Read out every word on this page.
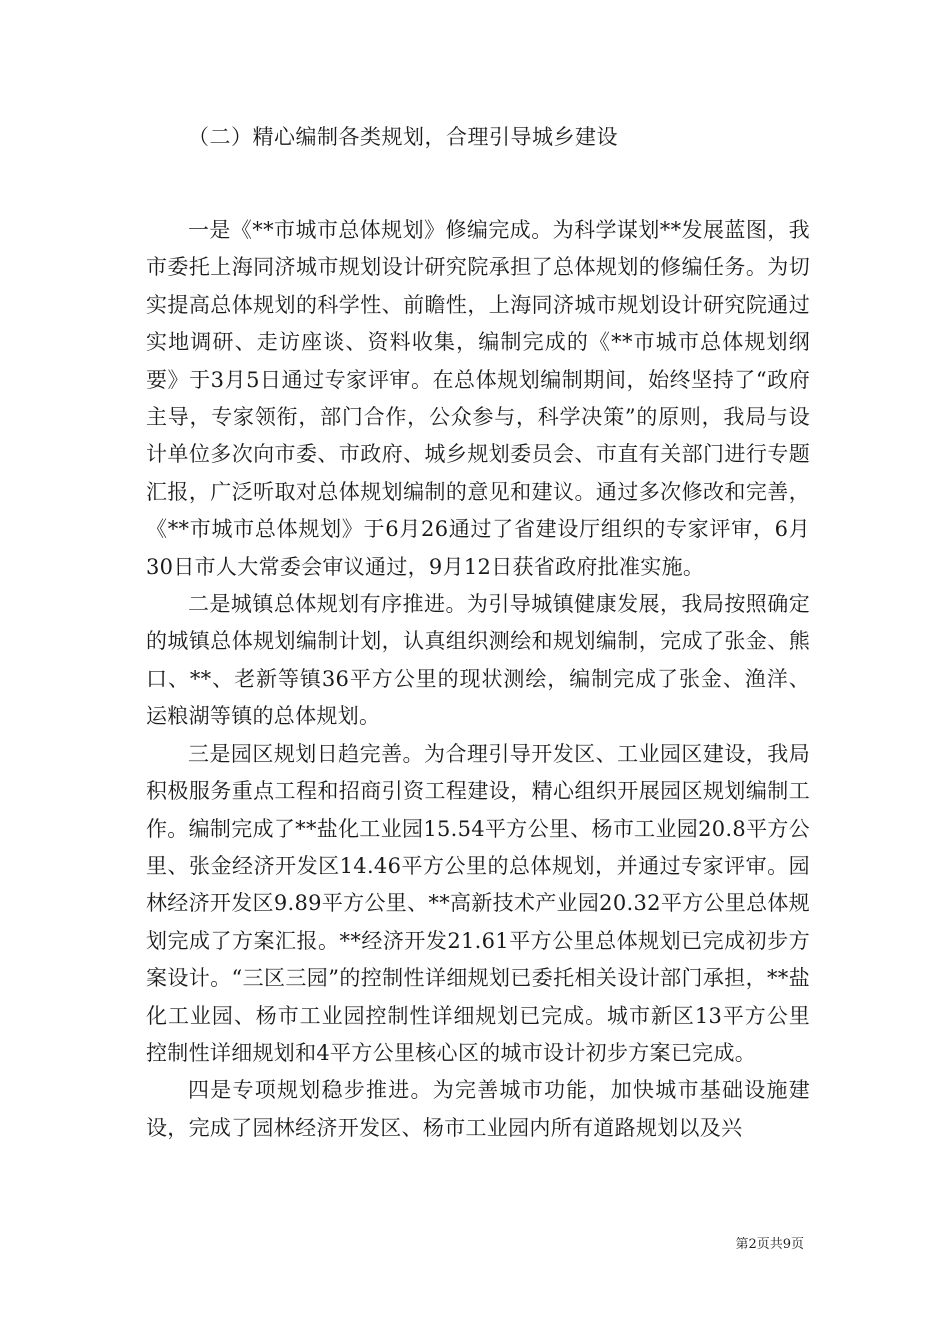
（二）精心编制各类规划，合理引导城乡建设

一是《**市城市总体规划》修编完成。为科学谋划**发展蓝图，我市委托上海同济城市规划设计研究院承担了总体规划的修编任务。为切实提高总体规划的科学性、前瞻性，上海同济城市规划设计研究院通过实地调研、走访座谈、资料收集，编制完成的《**市城市总体规划纲要》于3月5日通过专家评审。在总体规划编制期间，始终坚持了“政府主导，专家领衔，部门合作，公众参与，科学决策”的原则，我局与设计单位多次向市委、市政府、城乡规划委员会、市直有关部门进行专题汇报，广泛听取对总体规划编制的意见和建议。通过多次修改和完善，《**市城市总体规划》于6月26通过了省建设厅组织的专家评审，6月30日市人大常委会审议通过，9月12日获省政府批准实施。

二是城镇总体规划有序推进。为引导城镇健康发展，我局按照确定的城镇总体规划编制计划，认真组织测绘和规划编制，完成了张金、熊口、**、老新等镇36平方公里的现状测绘，编制完成了张金、渔洋、运粮湖等镇的总体规划。

三是园区规划日趋完善。为合理引导开发区、工业园区建设，我局积极服务重点工程和招商引资工程建设，精心组织开展园区规划编制工作。编制完成了**盐化工业园15.54平方公里、杨市工业园20.8平方公里、张金经济开发区14.46平方公里的总体规划，并通过专家评审。园林经济开发区9.89平方公里、**高新技术产业园20.32平方公里总体规划完成了方案汇报。**经济开发21.61平方公里总体规划已完成初步方案设计。“三区三园”的控制性详细规划已委托相关设计部门承担，**盐化工业园、杨市工业园控制性详细规划已完成。城市新区13平方公里控制性详细规划和4平方公里核心区的城市设计初步方案已完成。

四是专项规划稳步推进。为完善城市功能，加快城市基础设施建设，完成了园林经济开发区、杨市工业园内所有道路规划以及兴

第2页共9页
